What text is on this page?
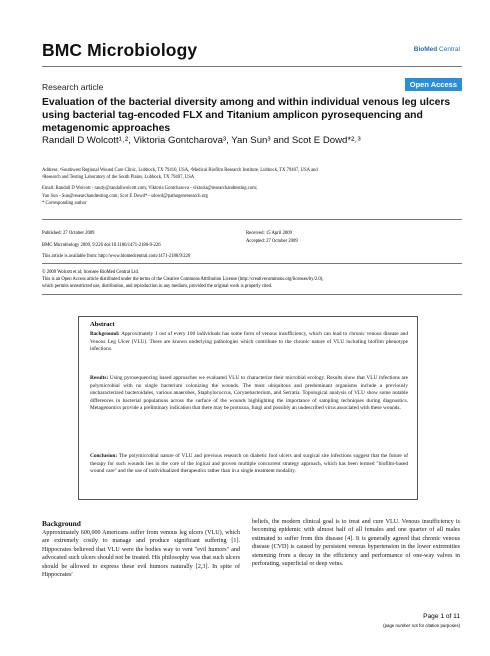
BMC Microbiology	BioMed Central
Research article	Open Access
Evaluation of the bacterial diversity among and within individual venous leg ulcers using bacterial tag-encoded FLX and Titanium amplicon pyrosequencing and metagenomic approaches
Randall D Wolcott¹˒², Viktoria Gontcharova³, Yan Sun³ and Scot E Dowd*²˒³
Address: ¹Southwest Regional Wound Care Clinic, Lubbock, TX 79410, USA, ²Medical Biofilm Research Institute, Lubbock, TX 79407, USA and
³Research and Testing Laboratory of the South Plains, Lubbock, TX 79407, USA
Email: Randall D Wolcott - randy@randallwolcott.com; Viktoria Gontcharova - viktoria@researchandtesting.com;
Yan Sun - Sun@researchandtesting.com; Scot E Dowd* - sdowd@pathogenresearch.org
* Corresponding author
Published: 27 October 2009
BMC Microbiology 2009, 9:226 doi:10.1186/1471-2180-9-226
Received: 15 April 2009
Accepted: 27 October 2009
This article is available from: http://www.biomedcentral.com/1471-2180/9/226
© 2009 Wolcott et al; licensee BioMed Central Ltd.
This is an Open Access article distributed under the terms of the Creative Commons Attribution License (http://creativecommons.org/licenses/by/2.0),
which permits unrestricted use, distribution, and reproduction in any medium, provided the original work is properly cited.
Abstract
Background: Approximately 1 out of every 100 individuals has some form of venous insufficiency, which can lead to chronic venous disease and Venous Leg Ulcer (VLU). There are known underlying pathologies which contribute to the chronic nature of VLU including biofilm phenotype infections.
Results: Using pyrosequencing based approaches we evaluated VLU to characterize their microbial ecology. Results show that VLU infections are polymicrobial with no single bacterium colonizing the wounds. The most ubiquitous and predominant organisms include a previously uncharacterized bacteroidales, various anaerobes, Staphylococcus, Corynebacterium, and Serratia. Topological analysis of VLU show some notable differences in bacterial populations across the surface of the wounds highlighting the importance of sampling techniques during diagnostics. Metagenomics provide a preliminary indication that there may be protozoa, fungi and possibly an undescribed virus associated with these wounds.
Conclusion: The polymicrobial nature of VLU and previous research on diabetic foot ulcers and surgical site infections suggest that the future of therapy for such wounds lies in the core of the logical and proven multiple concurrent strategy approach, which has been termed "biofilm-based wound care" and the use of individualized therapeutics rather than in a single treatment modality.
Background
Approximately 600,000 Americans suffer from venous leg ulcers (VLU), which are extremely costly to manage and produce significant suffering [1]. Hippocrates believed that VLU were the bodies way to vent "evil humors" and advocated such ulcers should not be treated. His philosophy was that such ulcers should be allowed to express these evil humors naturally [2,3]. In spite of Hippocrates'
beliefs, the modern clinical goal is to treat and cure VLU. Venous insufficiency is becoming epidemic with almost half of all females and one quarter of all males estimated to suffer from this disease [4]. It is generally agreed that chronic venous disease (CVD) is caused by persistent venous hypertension in the lower extremities stemming from a decay in the efficiency and performance of one-way valves in perforating, superficial or deep veins.
Page 1 of 11
(page number not for citation purposes)
